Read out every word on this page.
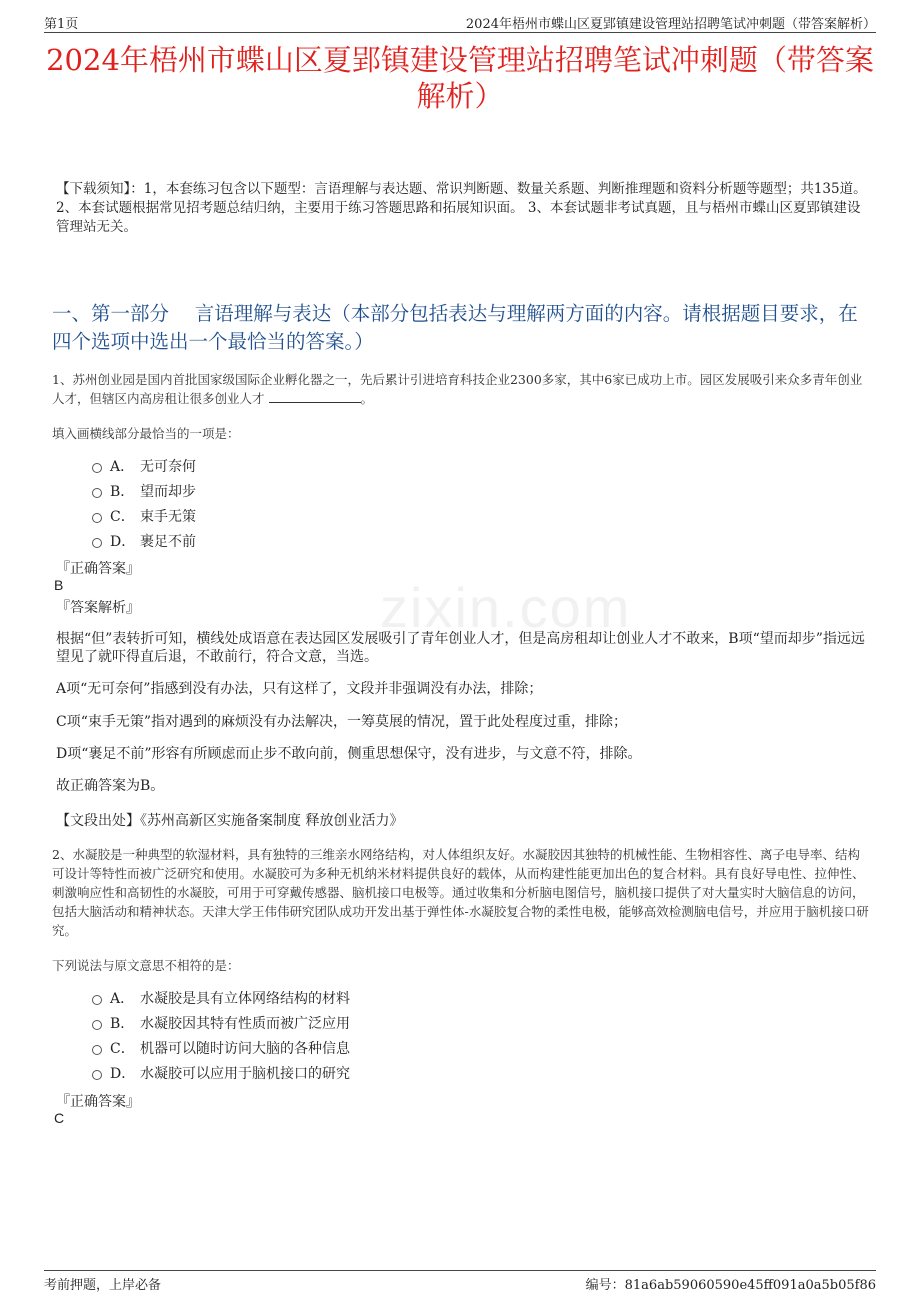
第1页	2024年梧州市蝶山区夏郢镇建设管理站招聘笔试冲刺题（带答案解析）
2024年梧州市蝶山区夏郢镇建设管理站招聘笔试冲刺题（带答案解析）
【下载须知】：1，本套练习包含以下题型：言语理解与表达题、常识判断题、数量关系题、判断推理题和资料分析题等题型；共135道。 2、本套试题根据常见招考题总结归纳，主要用于练习答题思路和拓展知识面。 3、本套试题非考试真题，且与梧州市蝶山区夏郢镇建设管理站无关。
一、第一部分　 言语理解与表达（本部分包括表达与理解两方面的内容。请根据题目要求，在四个选项中选出一个最恰当的答案。）
1、苏州创业园是国内首批国家级国际企业孵化器之一，先后累计引进培育科技企业2300多家，其中6家已成功上市。园区发展吸引来众多青年创业人才，但辖区内高房租让很多创业人才	。
填入画横线部分最恰当的一项是：
A． 无可奈何
B． 望而却步
C． 束手无策
D． 裹足不前
『正确答案』
B
『答案解析』
根据“但”表转折可知，横线处成语意在表达园区发展吸引了青年创业人才，但是高房租却让创业人才不敢来，B项“望而却步”指远远望见了就吓得直后退，不敢前行，符合文意，当选。
A项“无可奈何”指感到没有办法，只有这样了，文段并非强调没有办法，排除；
C项“束手无策”指对遇到的麻烦没有办法解决，一筹莫展的情况，置于此处程度过重，排除；
D项“裹足不前”形容有所顾虑而止步不敢向前，侧重思想保守，没有进步，与文意不符，排除。
故正确答案为B。
【文段出处】《苏州高新区实施备案制度 释放创业活力》
2、水凝胶是一种典型的软湿材料，具有独特的三维亲水网络结构，对人体组织友好。水凝胶因其独特的机械性能、生物相容性、离子电导率、结构可设计等特性而被广泛研究和使用。水凝胶可为多种无机纳米材料提供良好的载体，从而构建性能更加出色的复合材料。具有良好导电性、拉伸性、刺激响应性和高韧性的水凝胶，可用于可穿戴传感器、脑机接口电极等。通过收集和分析脑电图信号，脑机接口提供了对大量实时大脑信息的访问，包括大脑活动和精神状态。天津大学王伟伟研究团队成功开发出基于弹性体-水凝胶复合物的柔性电极，能够高效检测脑电信号，并应用于脑机接口研究。
下列说法与原文意思不相符的是：
A． 水凝胶是具有立体网络结构的材料
B． 水凝胶因其特有性质而被广泛应用
C． 机器可以随时访问大脑的各种信息
D． 水凝胶可以应用于脑机接口的研究
『正确答案』
C
zixin.com
考前押题，上岸必备	编号：81a6ab59060590e45ff091a0a5b05f86
